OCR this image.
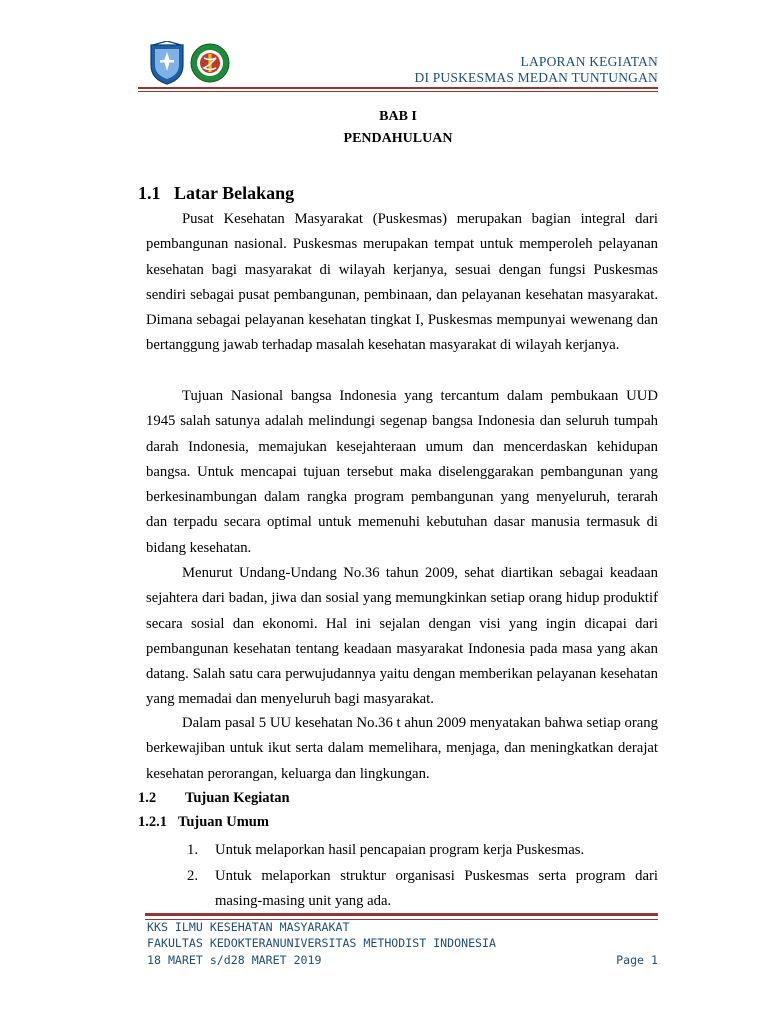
LAPORAN KEGIATAN
DI PUSKESMAS MEDAN TUNTUNGAN
BAB I
PENDAHULUAN
1.1 Latar Belakang

Pusat Kesehatan Masyarakat (Puskesmas) merupakan bagian integral dari pembangunan nasional. Puskesmas merupakan tempat untuk memperoleh pelayanan kesehatan bagi masyarakat di wilayah kerjanya, sesuai dengan fungsi Puskesmas sendiri sebagai pusat pembangunan, pembinaan, dan pelayanan kesehatan masyarakat. Dimana sebagai pelayanan kesehatan tingkat I, Puskesmas mempunyai wewenang dan bertanggung jawab terhadap masalah kesehatan masyarakat di wilayah kerjanya.

Tujuan Nasional bangsa Indonesia yang tercantum dalam pembukaan UUD 1945 salah satunya adalah melindungi segenap bangsa Indonesia dan seluruh tumpah darah Indonesia, memajukan kesejahteraan umum dan mencerdaskan kehidupan bangsa. Untuk mencapai tujuan tersebut maka diselenggarakan pembangunan yang berkesinambungan dalam rangka program pembangunan yang menyeluruh, terarah dan terpadu secara optimal untuk memenuhi kebutuhan dasar manusia termasuk di bidang kesehatan.

Menurut Undang-Undang No.36 tahun 2009, sehat diartikan sebagai keadaan sejahtera dari badan, jiwa dan sosial yang memungkinkan setiap orang hidup produktif secara sosial dan ekonomi. Hal ini sejalan dengan visi yang ingin dicapai dari pembangunan kesehatan tentang keadaan masyarakat Indonesia pada masa yang akan datang. Salah satu cara perwujudannya yaitu dengan memberikan pelayanan kesehatan yang memadai dan menyeluruh bagi masyarakat.

Dalam pasal 5 UU kesehatan No.36 t ahun 2009 menyatakan bahwa setiap orang berkewajiban untuk ikut serta dalam memelihara, menjaga, dan meningkatkan derajat kesehatan perorangan, keluarga dan lingkungan.

1.2 Tujuan Kegiatan
1.2.1 Tujuan Umum

1. Untuk melaporkan hasil pencapaian program kerja Puskesmas.

2. Untuk melaporkan struktur organisasi Puskesmas serta program dari masing-masing unit yang ada.

KKS ILMU KESEHATAN MASYARAKAT
FAKULTAS KEDOKTERANUNIVERSITAS METHODIST INDONESIA
18 MARET s/d28 MARET 2019	Page 1
